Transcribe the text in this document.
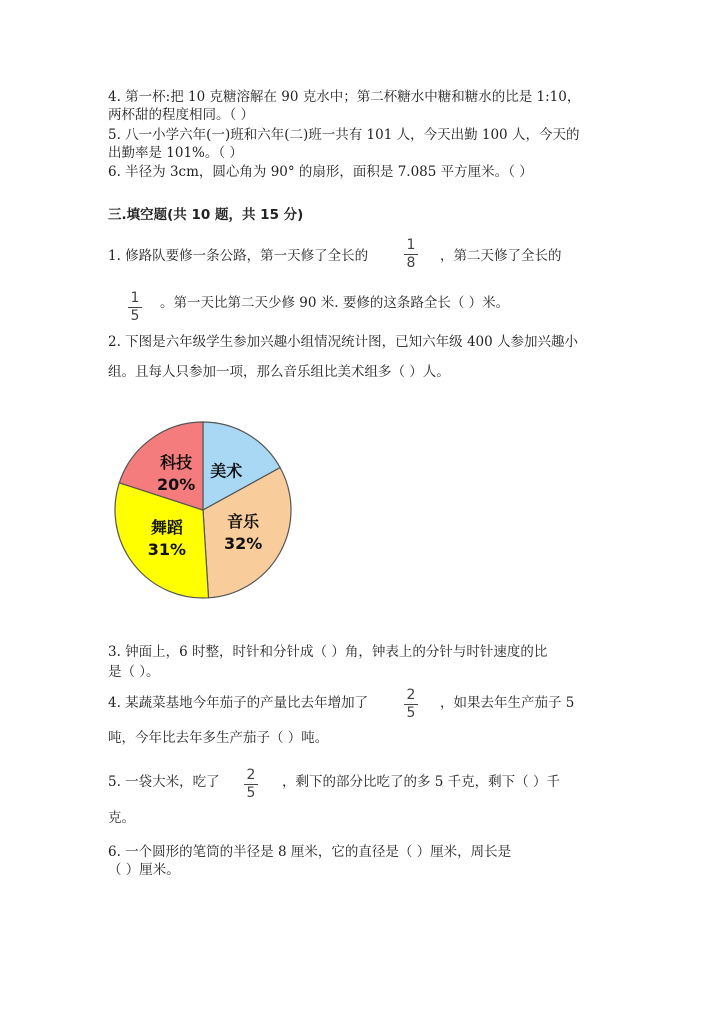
4. 第一杯:把 10 克糖溶解在 90 克水中；第二杯糖水中糖和糖水的比是 1:10，
两杯甜的程度相同。（ ）
5. 八一小学六年(一)班和六年(二)班一共有 101 人，今天出勤 100 人，今天的
出勤率是 101%。（ ）
6. 半径为 3cm，圆心角为 90° 的扇形，面积是 7.085 平方厘米。（ ）
三.填空题(共 10 题，共 15 分)
1. 修路队要修一条公路，第一天修了全长的
1
8 ，第二天修了全长的
1
5
。第一天比第二天少修 90 米. 要修的这条路全长（ ）米。
2. 下图是六年级学生参加兴趣小组情况统计图，已知六年级 400 人参加兴趣小
组。且每人只参加一项，那么音乐组比美术组多（ ）人。
美术
音乐
32%
舞蹈
31%
科技
20%
3. 钟面上，6 时整，时针和分针成（ ）角，钟表上的分针与时针速度的比
是（ ）。
4. 某蔬菜基地今年茄子的产量比去年增加了	2
5
，如果去年生产茄子 5
吨，今年比去年多生产茄子（ ）吨。
5. 一袋大米，吃了 2
5
，剩下的部分比吃了的多 5 千克，剩下（ ）千
克。
6. 一个圆形的笔筒的半径是 8 厘米，它的直径是（ ）厘米，周长是
（ ）厘米。
